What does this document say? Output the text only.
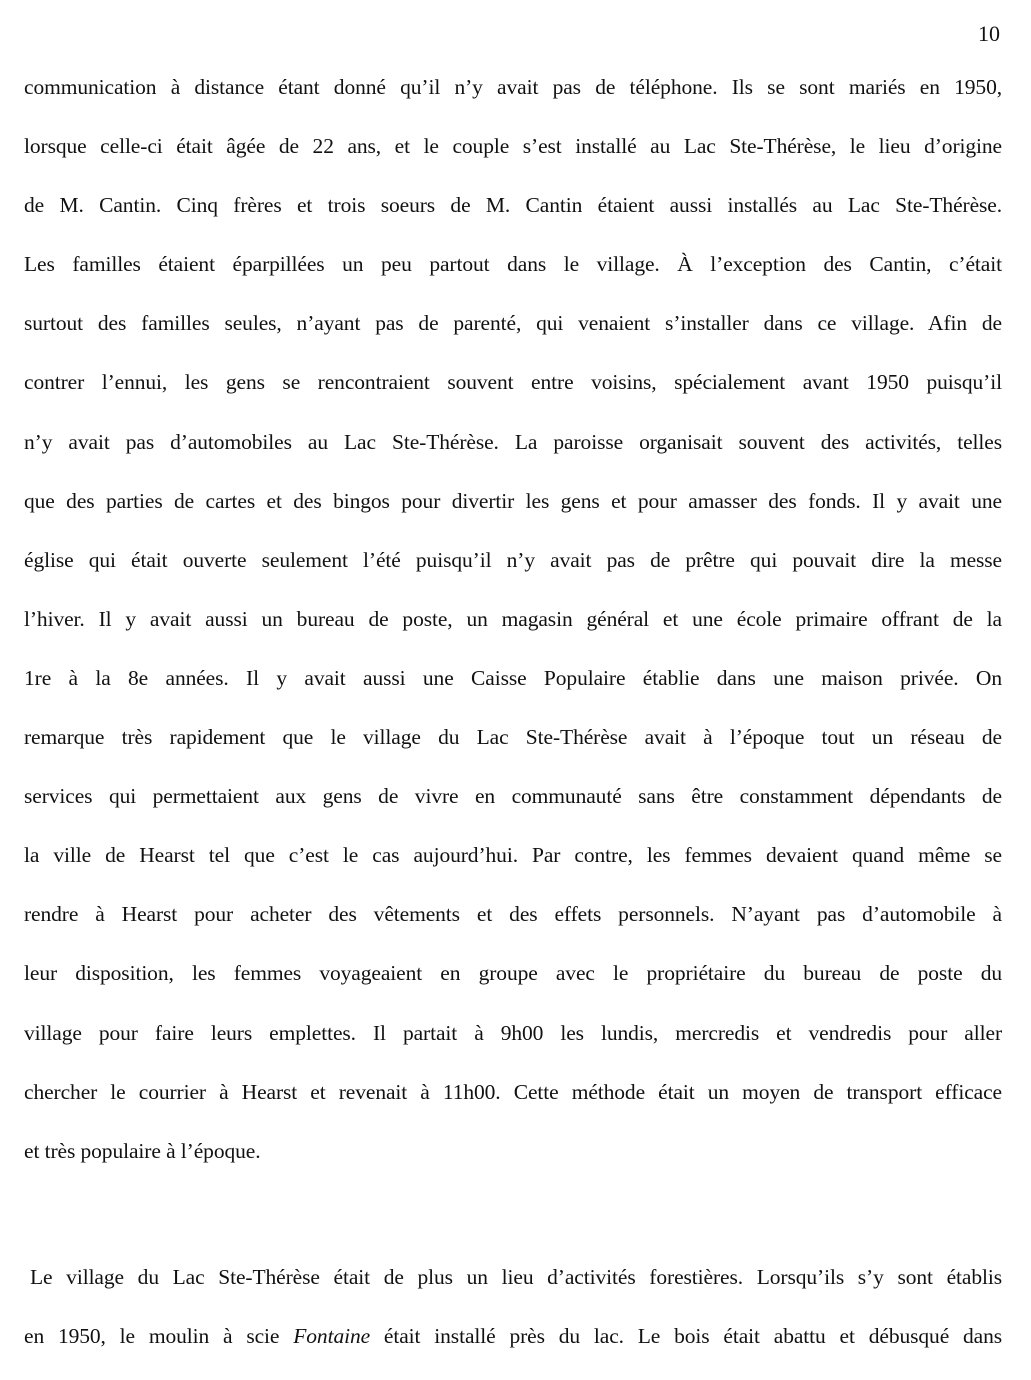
10
communication à distance étant donné qu’il n’y avait pas de téléphone. Ils se sont mariés en 1950,
lorsque celle-ci était âgée de 22 ans, et le couple s’est installé au Lac Ste-Thérèse, le lieu d’origine
de M. Cantin. Cinq frères et trois soeurs de M. Cantin étaient aussi installés au Lac Ste-Thérèse.
Les familles étaient éparpillées un peu partout dans le village. À l’exception des Cantin, c’était
surtout des familles seules, n’ayant pas de parenté, qui venaient s’installer dans ce village. Afin de
contrer l’ennui, les gens se rencontraient souvent entre voisins, spécialement avant 1950 puisqu’il
n’y avait pas d’automobiles au Lac Ste-Thérèse. La paroisse organisait souvent des activités, telles
que des parties de cartes et des bingos pour divertir les gens et pour amasser des fonds. Il y avait une
église qui était ouverte seulement l’été puisqu’il n’y avait pas de prêtre qui pouvait dire la messe
l’hiver. Il y avait aussi un bureau de poste, un magasin général et une école primaire offrant de la
1re à la 8e années. Il y avait aussi une Caisse Populaire établie dans une maison privée. On
remarque très rapidement que le village du Lac Ste-Thérèse avait à l’époque tout un réseau de
services qui permettaient aux gens de vivre en communauté sans être constamment dépendants de
la ville de Hearst tel que c’est le cas aujourd’hui. Par contre, les femmes devaient quand même se
rendre à Hearst pour acheter des vêtements et des effets personnels. N’ayant pas d’automobile à
leur disposition, les femmes voyageaient en groupe avec le propriétaire du bureau de poste du
village pour faire leurs emplettes. Il partait à 9h00 les lundis, mercredis et vendredis pour aller
chercher le courrier à Hearst et revenait à 11h00. Cette méthode était un moyen de transport efficace
et très populaire à l’époque.
Le village du Lac Ste-Thérèse était de plus un lieu d’activités forestières. Lorsqu’ils s’y sont établis
en 1950, le moulin à scie Fontaine était installé près du lac. Le bois était abattu et débusqué dans
